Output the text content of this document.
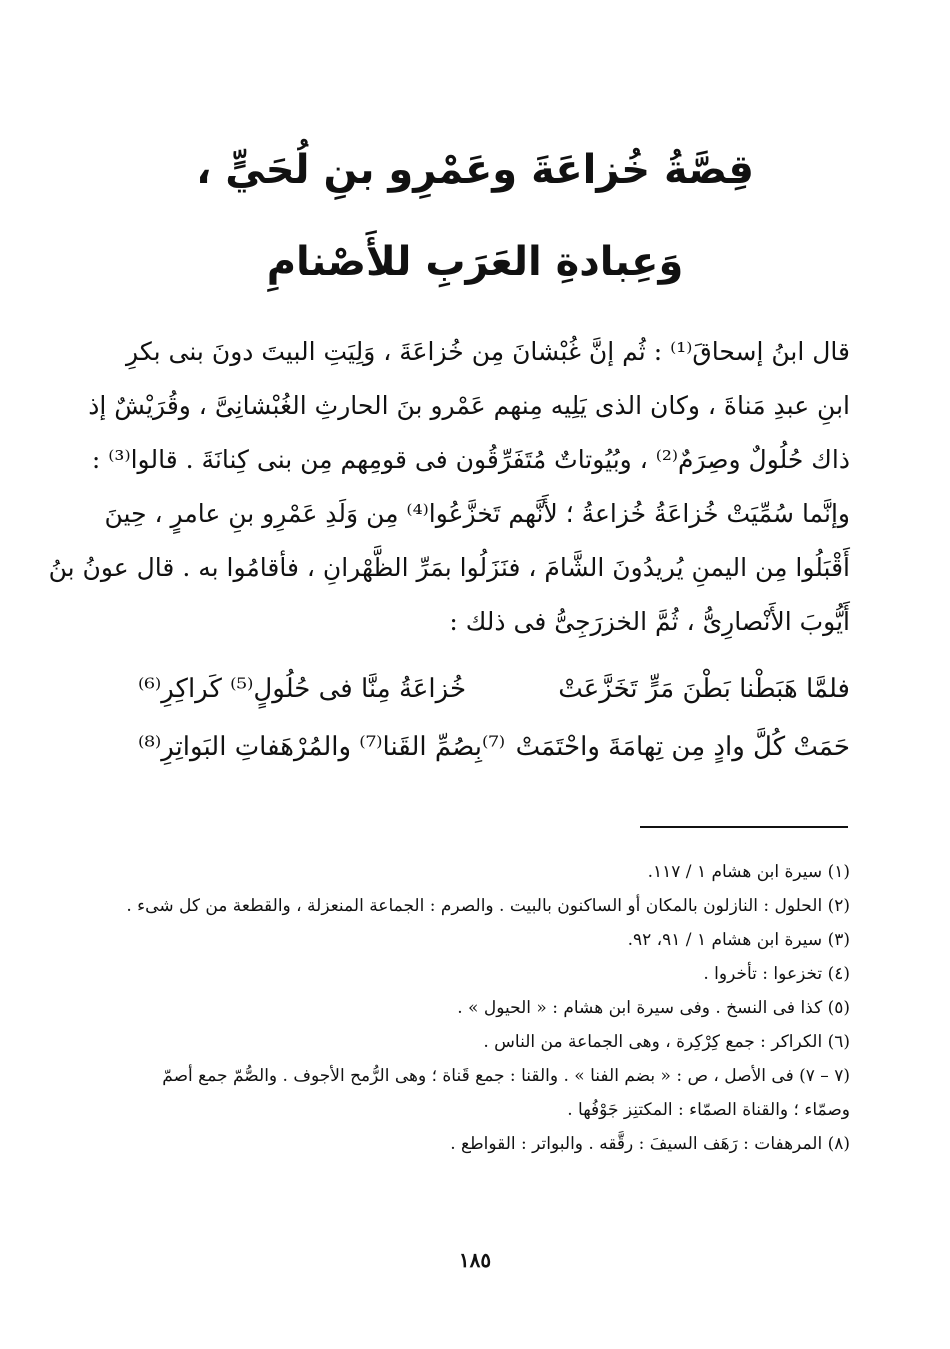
قِصَّةُ خُزاعَةَ وعَمْرِو بنِ لُحَيٍّ ،
وَعِبادةِ العَرَبِ للأَصْنامِ
قال ابنُ إسحاقَ⁽¹⁾ : ثُم إنَّ غُبْشانَ مِن خُزاعَةَ ، وَلِيَتِ البيتَ دونَ بنى بكرِ
ابنِ عبدِ مَناةَ ، وكان الذى يَلِيه مِنهم عَمْرو بنَ الحارثِ الغُبْشانِىَّ ، وقُرَيْشٌ إذ
ذاك حُلُولٌ وصِرَمٌ⁽²⁾ ، وبُيُوتاتٌ مُتَفَرِّقُون فى قومِهم مِن بنى كِنانَةَ . قالوا⁽³⁾ :
وإنَّما سُمِّيَتْ خُزاعَةُ خُزاعةُ ؛ لأَنَّهم تَخزَّعُوا⁽⁴⁾ مِن وَلَدِ عَمْرِو بنِ عامرٍ ، حِينَ
أَقْبَلُوا مِن اليمنِ يُريدُونَ الشَّامَ ، فنَزَلُوا بمَرِّ الظَّهْرانِ ، فأقامُوا به . قال عونُ بنُ
أَيُّوبَ الأَنْصارِىُّ ، ثُمَّ الخزرَجِىُّ فى ذلك :
فلمَّا هَبَطْنا بَطْنَ مَرٍّ تَخَزَّعَتْ
خُزاعَةُ مِنَّا فى حُلُولٍ⁽⁵⁾ كَراكِرِ⁽⁶⁾
حَمَتْ كُلَّ وادٍ مِن تِهامَةَ واحْتَمَتْ
⁽⁷⁾بِصُمِّ القَنا⁽⁷⁾ والمُرْهَفاتِ البَواتِرِ⁽⁸⁾
(١) سيرة ابن هشام ١ / ١١٧.
(٢) الحلول : النازلون بالمكان أو الساكنون بالبيت . والصرم : الجماعة المنعزلة ، والقطعة من كل شىء .
(٣) سيرة ابن هشام ١ / ٩١، ٩٢.
(٤) تخزعوا : تأخروا .
(٥) كذا فى النسخ . وفى سيرة ابن هشام : « الحيول » .
(٦) الكراكر : جمع كِرْكِرة ، وهى الجماعة من الناس .
(٧ – ٧) فى الأصل ، ص : « بضم الفنا » . والقنا : جمع قَناة ؛ وهى الرُّمح الأجوف . والصُّمّ جمع أصمّ
وصمّاء ؛ والقناة الصمّاء : المكتنِز جَوْفُها .
(٨) المرهفات : رَهَف السيفَ : رقَّقه . والبواتر : القواطع .
١٨٥
